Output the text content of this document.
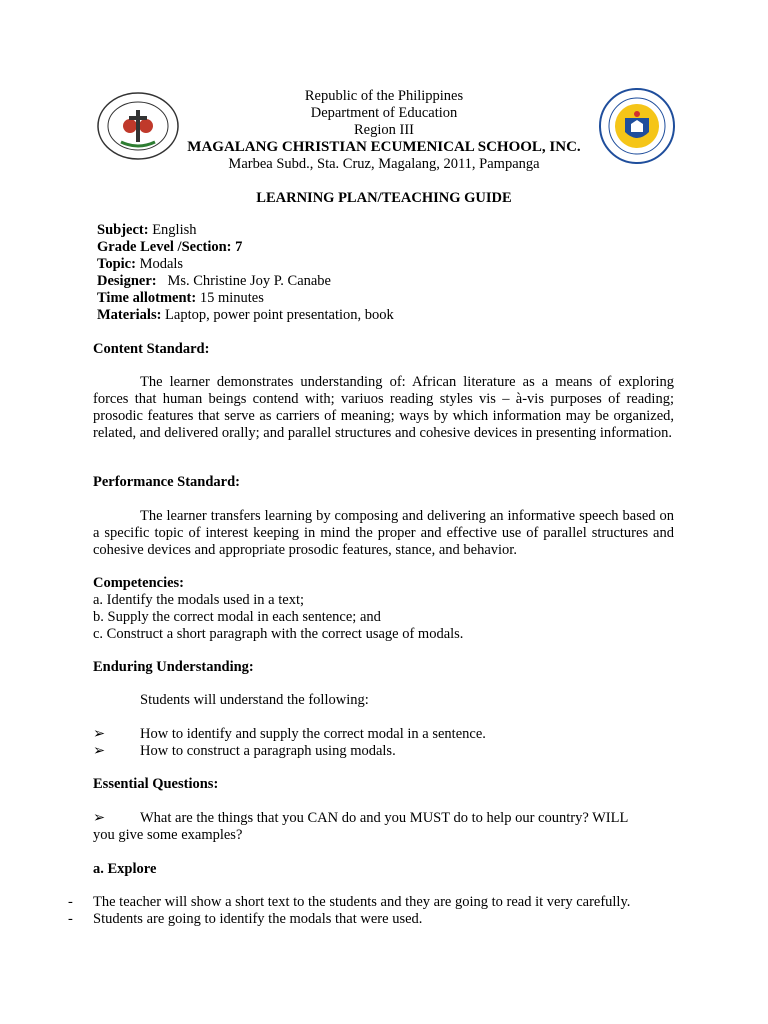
Republic of the Philippines
Department of Education
Region III
MAGALANG CHRISTIAN ECUMENICAL SCHOOL, INC.
Marbea Subd., Sta. Cruz, Magalang, 2011, Pampanga
LEARNING PLAN/TEACHING GUIDE
Subject: English
Grade Level /Section: 7
Topic: Modals
Designer:   Ms. Christine Joy P. Canabe
Time allotment: 15 minutes
Materials: Laptop, power point presentation, book
Content Standard:
The learner demonstrates understanding of: African literature as a means of exploring forces that human beings contend with; variuos reading styles vis – à-vis purposes of reading; prosodic features that serve as carriers of meaning; ways by which information may be organized, related, and delivered orally; and parallel structures and cohesive devices in presenting information.
Performance Standard:
The learner transfers learning by composing and delivering an informative speech based on a specific topic of interest keeping in mind the proper and effective use of parallel structures and cohesive devices and appropriate prosodic features, stance, and behavior.
Competencies:
a. Identify the modals used in a text;
b. Supply the correct modal in each sentence; and
c. Construct a short paragraph with the correct usage of modals.
Enduring Understanding:
Students will understand the following:
➢ How to identify and supply the correct modal in a sentence.
➢ How to construct a paragraph using modals.
Essential Questions:
➢ What are the things that you CAN do and you MUST do to help our country? WILL
you give some examples?
a. Explore
- The teacher will show a short text to the students and they are going to read it very carefully.
- Students are going to identify the modals that were used.
